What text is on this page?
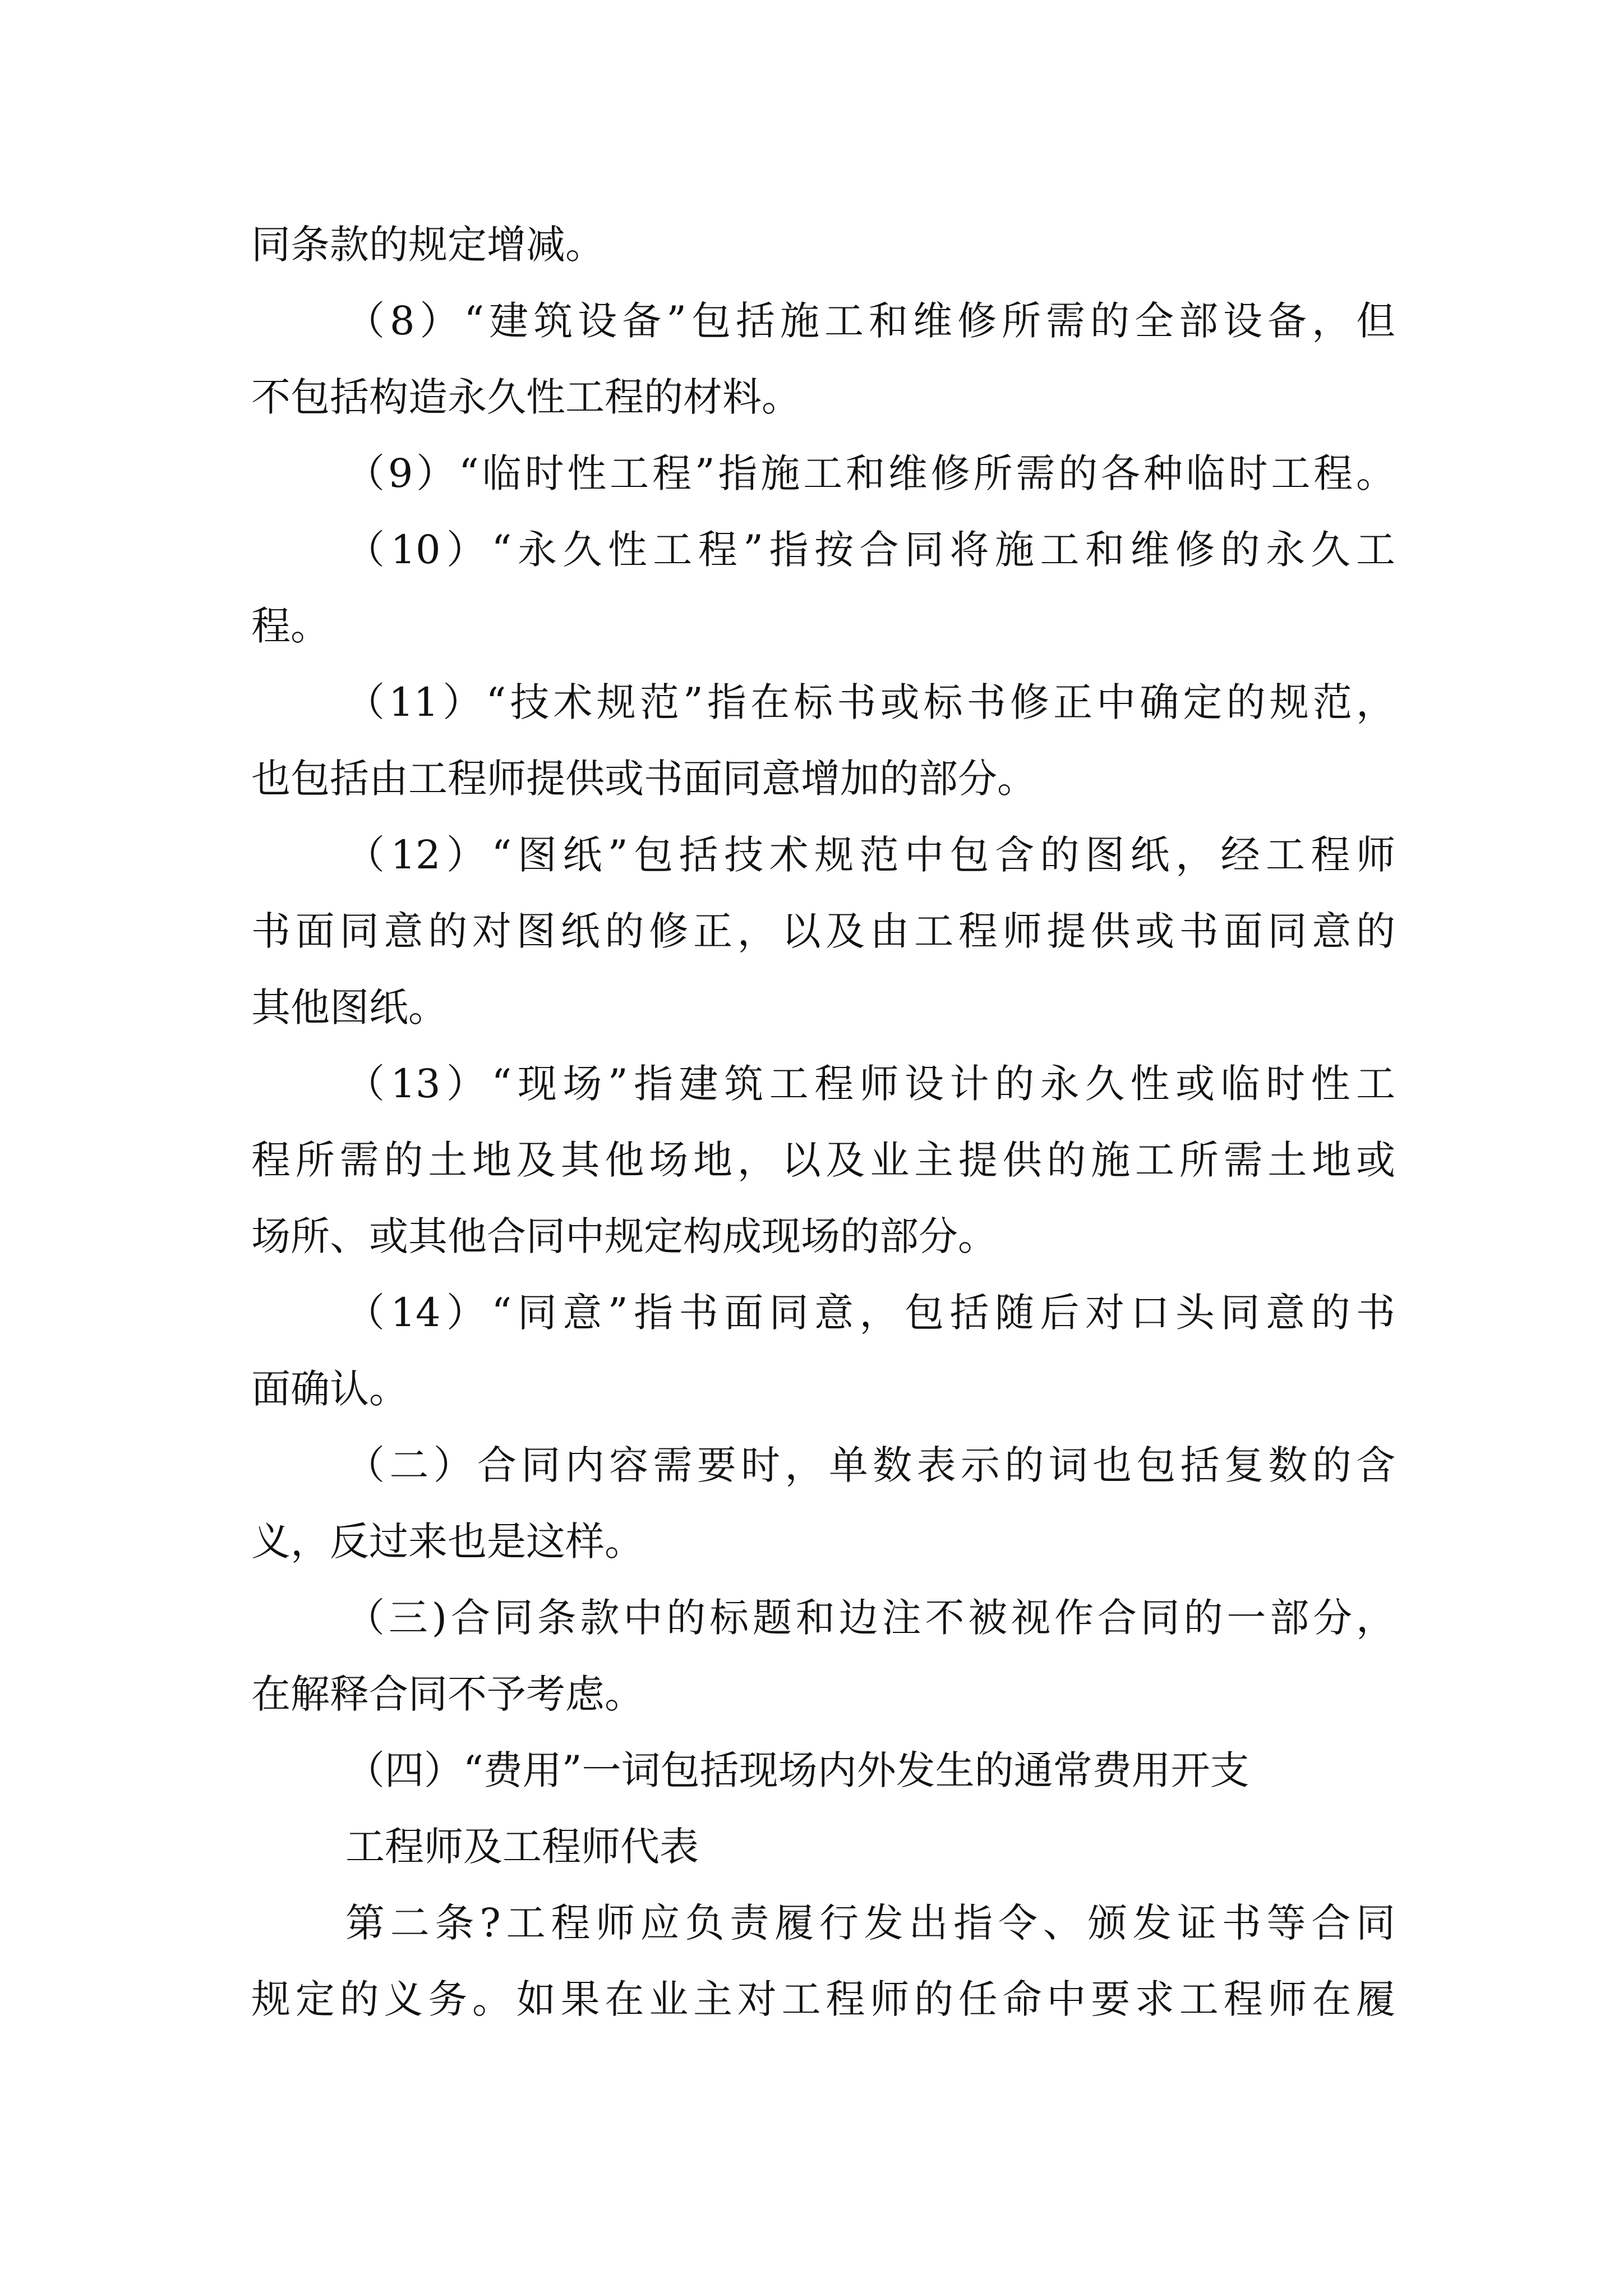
同条款的规定增减。
（8）“建筑设备”包括施工和维修所需的全部设备，但
不包括构造永久性工程的材料。
（9）“临时性工程”指施工和维修所需的各种临时工程。
（10）“永久性工程”指按合同将施工和维修的永久工
程。
（11）“技术规范”指在标书或标书修正中确定的规范，
也包括由工程师提供或书面同意增加的部分。
（12）“图纸”包括技术规范中包含的图纸，经工程师
书面同意的对图纸的修正，以及由工程师提供或书面同意的
其他图纸。
（13）“现场”指建筑工程师设计的永久性或临时性工
程所需的土地及其他场地，以及业主提供的施工所需土地或
场所、或其他合同中规定构成现场的部分。
（14）“同意”指书面同意，包括随后对口头同意的书
面确认。
（二）合同内容需要时，单数表示的词也包括复数的含
义，反过来也是这样。
（三)合同条款中的标题和边注不被视作合同的一部分，
在解释合同不予考虑。
（四）“费用”一词包括现场内外发生的通常费用开支
工程师及工程师代表
第二条?工程师应负责履行发出指令、颁发证书等合同
规定的义务。如果在业主对工程师的任命中要求工程师在履
